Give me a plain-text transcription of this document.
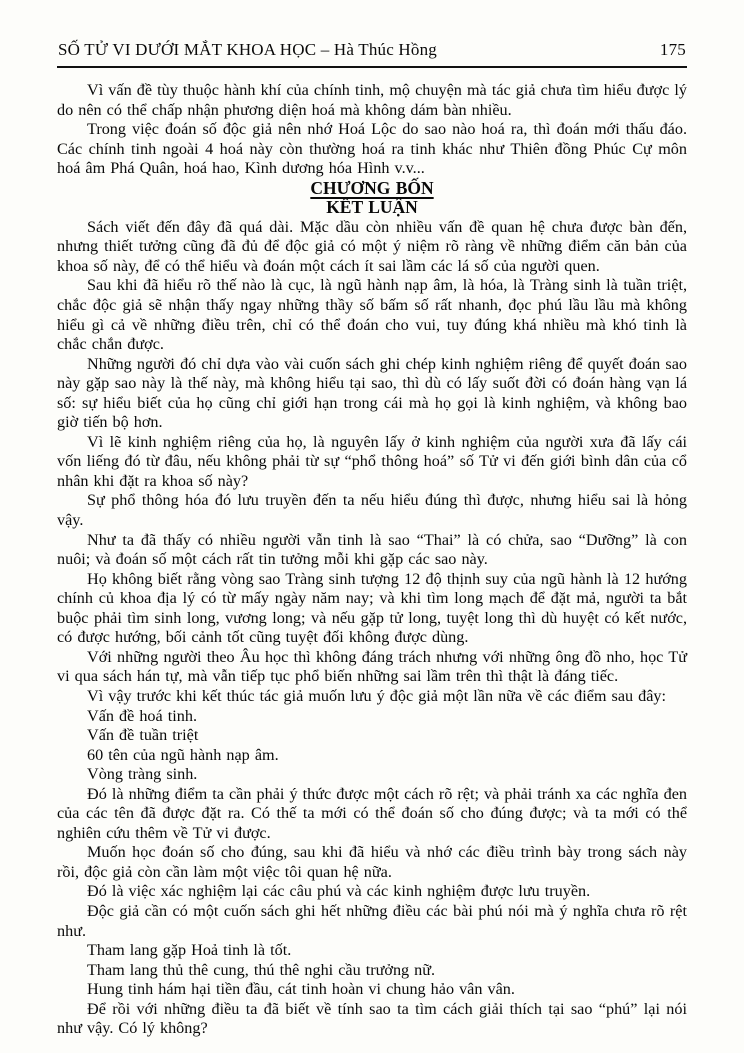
SỐ TỬ VI DƯỚI MẮT KHOA HỌC – Hà Thúc Hồng	175

Vì vấn đề tùy thuộc hành khí của chính tinh, mộ chuyện mà tác giả chưa tìm hiểu được lý do nên có thể chấp nhận phương diện hoá mà không dám bàn nhiều.

Trong việc đoán số độc giả nên nhớ Hoá Lộc do sao nào hoá ra, thì đoán mới thấu đáo. Các chính tinh ngoài 4 hoá này còn thường hoá ra tinh khác như Thiên đồng Phúc Cự môn hoá âm Phá Quân, hoá hao, Kình dương hóa Hình v.v...

CHƯƠNG BỐN

KẾT LUẬN

Sách viết đến đây đã quá dài. Mặc dầu còn nhiều vấn đề quan hệ chưa được bàn đến, nhưng thiết tưởng cũng đã đủ để độc giả có một ý niệm rõ ràng về những điểm căn bản của khoa số này, để có thể hiểu và đoán một cách ít sai lầm các lá số của người quen.

Sau khi đã hiểu rõ thế nào là cục, là ngũ hành nạp âm, là hóa, là Tràng sinh là tuần triệt, chắc độc giả sẽ nhận thấy ngay những thầy số bấm số rất nhanh, đọc phú lầu lầu mà không hiểu gì cả về những điều trên, chỉ có thể đoán cho vui, tuy đúng khá nhiều mà khó tinh là chắc chắn được.

Những người đó chỉ dựa vào vài cuốn sách ghi chép kinh nghiệm riêng để quyết đoán sao này gặp sao này là thế này, mà không hiểu tại sao, thì dù có lấy suốt đời có đoán hàng vạn lá số: sự hiểu biết của họ cũng chỉ giới hạn trong cái mà họ gọi là kinh nghiệm, và không bao giờ tiến bộ hơn.

Vì lẽ kinh nghiệm riêng của họ, là nguyên lấy ở kinh nghiệm của người xưa đã lấy cái vốn liếng đó từ đâu, nếu không phải từ sự “phổ thông hoá” số Tử vi đến giới bình dân của cổ nhân khi đặt ra khoa số này?

Sự phổ thông hóa đó lưu truyền đến ta nếu hiểu đúng thì được, nhưng hiểu sai là hỏng vậy.

Như ta đã thấy có nhiều người vẫn tinh là sao “Thai” là có chửa, sao “Dưỡng” là con nuôi; và đoán số một cách rất tin tưởng mỗi khi gặp các sao này.

Họ không biết rằng vòng sao Tràng sinh tượng 12 độ thịnh suy của ngũ hành là 12 hướng chính củ khoa địa lý có từ mấy ngày năm nay; và khi tìm long mạch để đặt mả, người ta bắt buộc phải tìm sinh long, vương long; và nếu gặp tử long, tuyệt long thì dù huyệt có kết nước, có được hướng, bối cảnh tốt cũng tuyệt đối không được dùng.

Với những người theo Âu học thì không đáng trách nhưng với những ông đồ nho, học Tử vi qua sách hán tự, mà vẫn tiếp tục phổ biến những sai lầm trên thì thật là đáng tiếc.

Vì vậy trước khi kết thúc tác giả muốn lưu ý độc giả một lần nữa về các điểm sau đây:

Vấn đề hoá tinh.

Vấn đề tuần triệt

60 tên của ngũ hành nạp âm.

Vòng tràng sinh.

Đó là những điểm ta cần phải ý thức được một cách rõ rệt; và phải tránh xa các nghĩa đen của các tên đã được đặt ra. Có thế ta mới có thể đoán số cho đúng được; và ta mới có thể nghiên cứu thêm về Tử vi được.

Muốn học đoán số cho đúng, sau khi đã hiểu và nhớ các điều trình bày trong sách này rồi, độc giả còn cần làm một việc tôi quan hệ nữa.

Đó là việc xác nghiệm lại các câu phú và các kinh nghiệm được lưu truyền.

Độc giả cần có một cuốn sách ghi hết những điều các bài phú nói mà ý nghĩa chưa rõ rệt như.

Tham lang gặp Hoả tinh là tốt.

Tham lang thủ thê cung, thú thê nghi cầu trưởng nữ.

Hung tinh hám hại tiền đầu, cát tinh hoàn vi chung hảo vân vân.

Để rồi với những điều ta đã biết về tính sao ta tìm cách giải thích tại sao “phú” lại nói như vậy. Có lý không?
